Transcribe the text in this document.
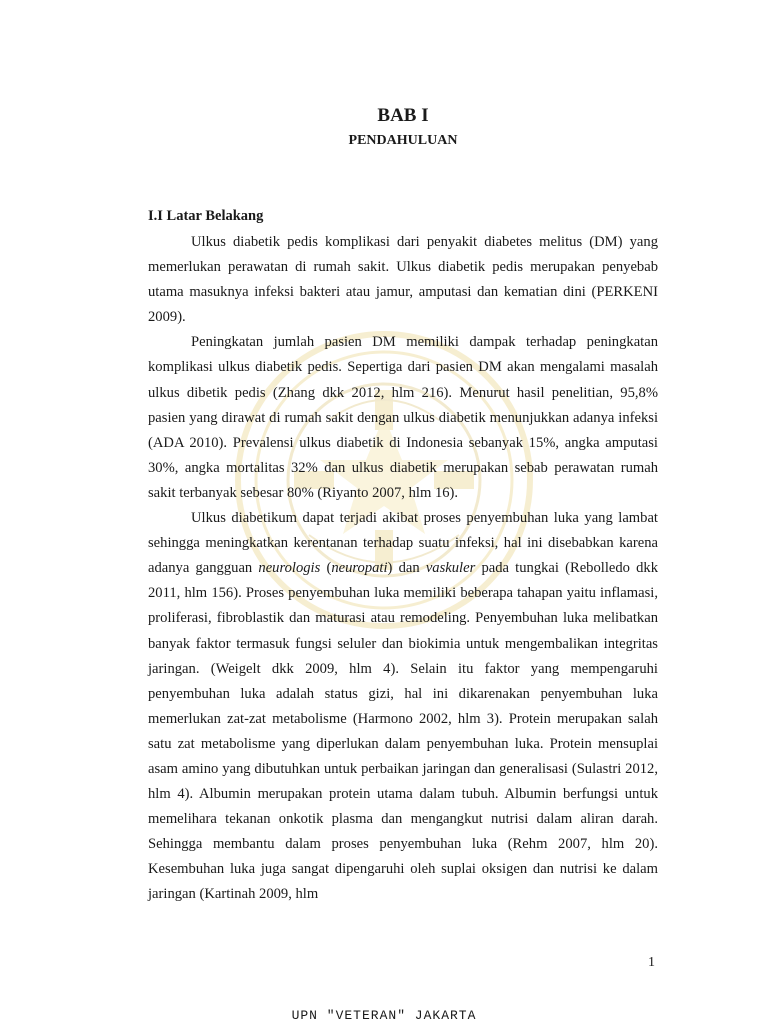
BAB I
PENDAHULUAN
I.I Latar Belakang

Ulkus diabetik pedis komplikasi dari penyakit diabetes melitus (DM) yang memerlukan perawatan di rumah sakit. Ulkus diabetik pedis merupakan penyebab utama masuknya infeksi bakteri atau jamur, amputasi dan kematian dini (PERKENI 2009).

Peningkatan jumlah pasien DM memiliki dampak terhadap peningkatan komplikasi ulkus diabetik pedis. Sepertiga dari pasien DM akan mengalami masalah ulkus dibetik pedis (Zhang dkk 2012, hlm 216). Menurut hasil penelitian, 95,8% pasien yang dirawat di rumah sakit dengan ulkus diabetik menunjukkan adanya infeksi (ADA 2010). Prevalensi ulkus diabetik di Indonesia sebanyak 15%, angka amputasi 30%, angka mortalitas 32% dan ulkus diabetik merupakan sebab perawatan rumah sakit terbanyak sebesar 80% (Riyanto 2007, hlm 16).

Ulkus diabetikum dapat terjadi akibat proses penyembuhan luka yang lambat sehingga meningkatkan kerentanan terhadap suatu infeksi, hal ini disebabkan karena adanya gangguan neurologis (neuropati) dan vaskuler pada tungkai (Rebolledo dkk 2011, hlm 156). Proses penyembuhan luka memiliki beberapa tahapan yaitu inflamasi, proliferasi, fibroblastik dan maturasi atau remodeling. Penyembuhan luka melibatkan banyak faktor termasuk fungsi seluler dan biokimia untuk mengembalikan integritas jaringan. (Weigelt dkk 2009, hlm 4). Selain itu faktor yang mempengaruhi penyembuhan luka adalah status gizi, hal ini dikarenakan penyembuhan luka memerlukan zat-zat metabolisme (Harmono 2002, hlm 3). Protein merupakan salah satu zat metabolisme yang diperlukan dalam penyembuhan luka. Protein mensuplai asam amino yang dibutuhkan untuk perbaikan jaringan dan generalisasi (Sulastri 2012, hlm 4). Albumin merupakan protein utama dalam tubuh. Albumin berfungsi untuk memelihara tekanan onkotik plasma dan mengangkut nutrisi dalam aliran darah. Sehingga membantu dalam proses penyembuhan luka (Rehm 2007, hlm 20). Kesembuhan luka juga sangat dipengaruhi oleh suplai oksigen dan nutrisi ke dalam jaringan (Kartinah 2009, hlm

1

UPN "VETERAN" JAKARTA
